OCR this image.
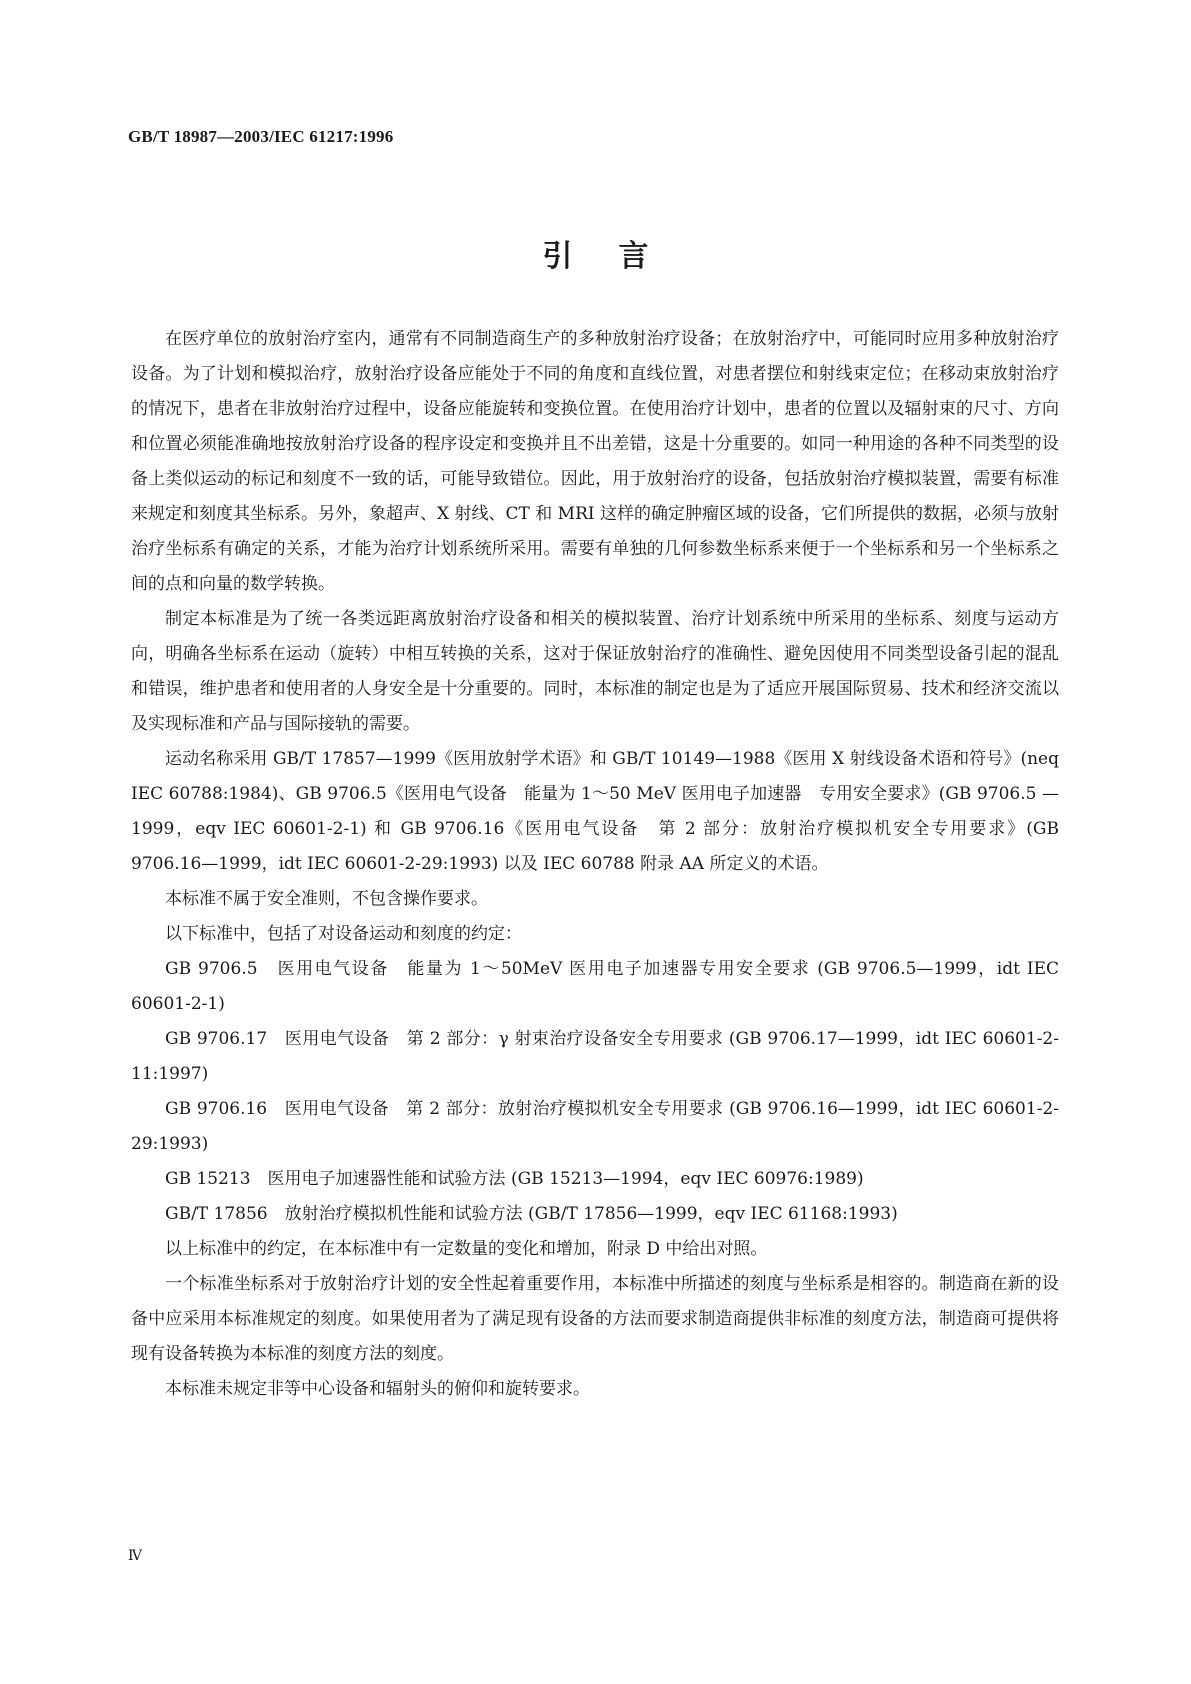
GB/T 18987—2003/IEC 61217:1996
引言

在医疗单位的放射治疗室内，通常有不同制造商生产的多种放射治疗设备；在放射治疗中，可能同时应用多种放射治疗设备。为了计划和模拟治疗，放射治疗设备应能处于不同的角度和直线位置，对患者摆位和射线束定位；在移动束放射治疗的情况下，患者在非放射治疗过程中，设备应能旋转和变换位置。在使用治疗计划中，患者的位置以及辐射束的尺寸、方向和位置必须能准确地按放射治疗设备的程序设定和变换并且不出差错，这是十分重要的。如同一种用途的各种不同类型的设备上类似运动的标记和刻度不一致的话，可能导致错位。因此，用于放射治疗的设备，包括放射治疗模拟装置，需要有标准来规定和刻度其坐标系。另外，象超声、X 射线、CT 和 MRI 这样的确定肿瘤区域的设备，它们所提供的数据，必须与放射治疗坐标系有确定的关系，才能为治疗计划系统所采用。需要有单独的几何参数坐标系来便于一个坐标系和另一个坐标系之间的点和向量的数学转换。

制定本标准是为了统一各类远距离放射治疗设备和相关的模拟装置、治疗计划系统中所采用的坐标系、刻度与运动方向，明确各坐标系在运动（旋转）中相互转换的关系，这对于保证放射治疗的准确性、避免因使用不同类型设备引起的混乱和错误，维护患者和使用者的人身安全是十分重要的。同时，本标准的制定也是为了适应开展国际贸易、技术和经济交流以及实现标准和产品与国际接轨的需要。

运动名称采用 GB/T 17857—1999《医用放射学术语》和 GB/T 10149—1988《医用 X 射线设备术语和符号》(neq IEC 60788:1984)、GB 9706.5《医用电气设备　能量为 1～50 MeV 医用电子加速器　专用安全要求》(GB 9706.5 —1999，eqv IEC 60601-2-1) 和 GB 9706.16《医用电气设备　第 2 部分：放射治疗模拟机安全专用要求》(GB 9706.16—1999，idt IEC 60601-2-29:1993) 以及 IEC 60788 附录 AA 所定义的术语。

本标准不属于安全准则，不包含操作要求。

以下标准中，包括了对设备运动和刻度的约定：

GB 9706.5　医用电气设备　能量为 1～50MeV 医用电子加速器专用安全要求 (GB 9706.5—1999，idt IEC 60601-2-1)

GB 9706.17　医用电气设备　第 2 部分：γ 射束治疗设备安全专用要求 (GB 9706.17—1999，idt IEC 60601-2-11:1997)

GB 9706.16　医用电气设备　第 2 部分：放射治疗模拟机安全专用要求 (GB 9706.16—1999，idt IEC 60601-2-29:1993)

GB 15213　医用电子加速器性能和试验方法 (GB 15213—1994，eqv IEC 60976:1989)

GB/T 17856　放射治疗模拟机性能和试验方法 (GB/T 17856—1999，eqv IEC 61168:1993)

以上标准中的约定，在本标准中有一定数量的变化和增加，附录 D 中给出对照。

一个标准坐标系对于放射治疗计划的安全性起着重要作用，本标准中所描述的刻度与坐标系是相容的。制造商在新的设备中应采用本标准规定的刻度。如果使用者为了满足现有设备的方法而要求制造商提供非标准的刻度方法，制造商可提供将现有设备转换为本标准的刻度方法的刻度。

本标准未规定非等中心设备和辐射头的俯仰和旋转要求。

Ⅳ
